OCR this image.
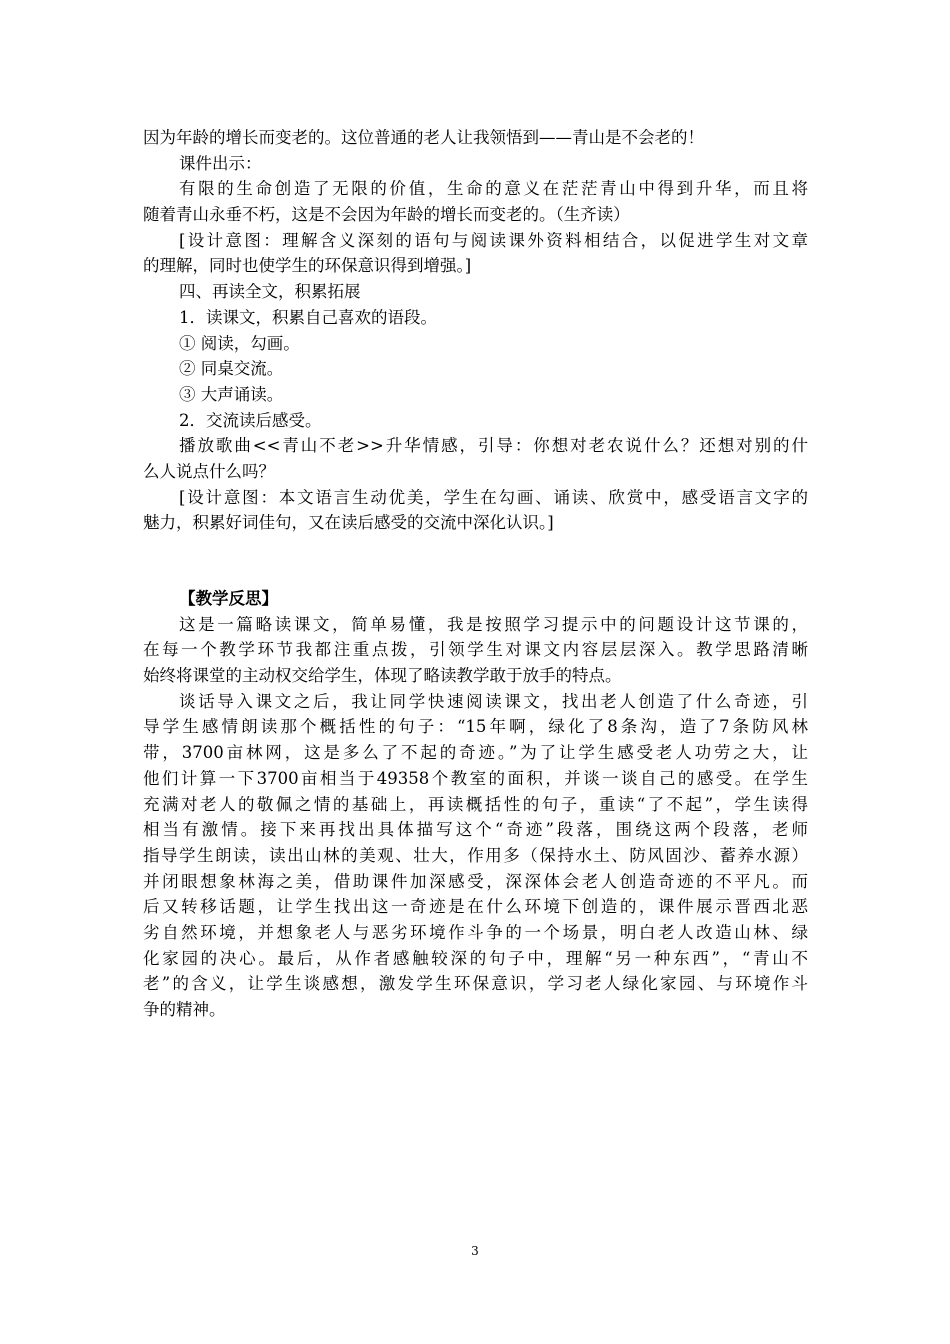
因为年龄的增长而变老的。这位普通的老人让我领悟到——青山是不会老的！
课件出示：
有限的生命创造了无限的价值，生命的意义在茫茫青山中得到升华，而且将
随着青山永垂不朽，这是不会因为年龄的增长而变老的。（生齐读）
[设计意图：理解含义深刻的语句与阅读课外资料相结合，以促进学生对文章
的理解，同时也使学生的环保意识得到增强。]
四、再读全文，积累拓展
1．读课文，积累自己喜欢的语段。
① 阅读，勾画。
② 同桌交流。
③ 大声诵读。
2．交流读后感受。
播放歌曲<<青山不老>>升华情感，引导：你想对老农说什么？还想对别的什
么人说点什么吗？
[设计意图：本文语言生动优美，学生在勾画、诵读、欣赏中，感受语言文字的
魅力，积累好词佳句，又在读后感受的交流中深化认识。]
【教学反思】
这是一篇略读课文，简单易懂，我是按照学习提示中的问题设计这节课的，
在每一个教学环节我都注重点拨，引领学生对课文内容层层深入。教学思路清晰
始终将课堂的主动权交给学生，体现了略读教学敢于放手的特点。
谈话导入课文之后，我让同学快速阅读课文，找出老人创造了什么奇迹，引
导学生感情朗读那个概括性的句子：“15年啊，绿化了8条沟，造了7条防风林
带，3700亩林网，这是多么了不起的奇迹。”为了让学生感受老人功劳之大，让
他们计算一下3700亩相当于49358个教室的面积，并谈一谈自己的感受。在学生
充满对老人的敬佩之情的基础上，再读概括性的句子，重读“了不起”，学生读得
相当有激情。接下来再找出具体描写这个“奇迹”段落，围绕这两个段落，老师
指导学生朗读，读出山林的美观、壮大，作用多（保持水土、防风固沙、蓄养水源）
并闭眼想象林海之美，借助课件加深感受，深深体会老人创造奇迹的不平凡。而
后又转移话题，让学生找出这一奇迹是在什么环境下创造的，课件展示晋西北恶
劣自然环境，并想象老人与恶劣环境作斗争的一个场景，明白老人改造山林、绿
化家园的决心。最后，从作者感触较深的句子中，理解“另一种东西”，“青山不
老”的含义，让学生谈感想，激发学生环保意识，学习老人绿化家园、与环境作斗
争的精神。
3
